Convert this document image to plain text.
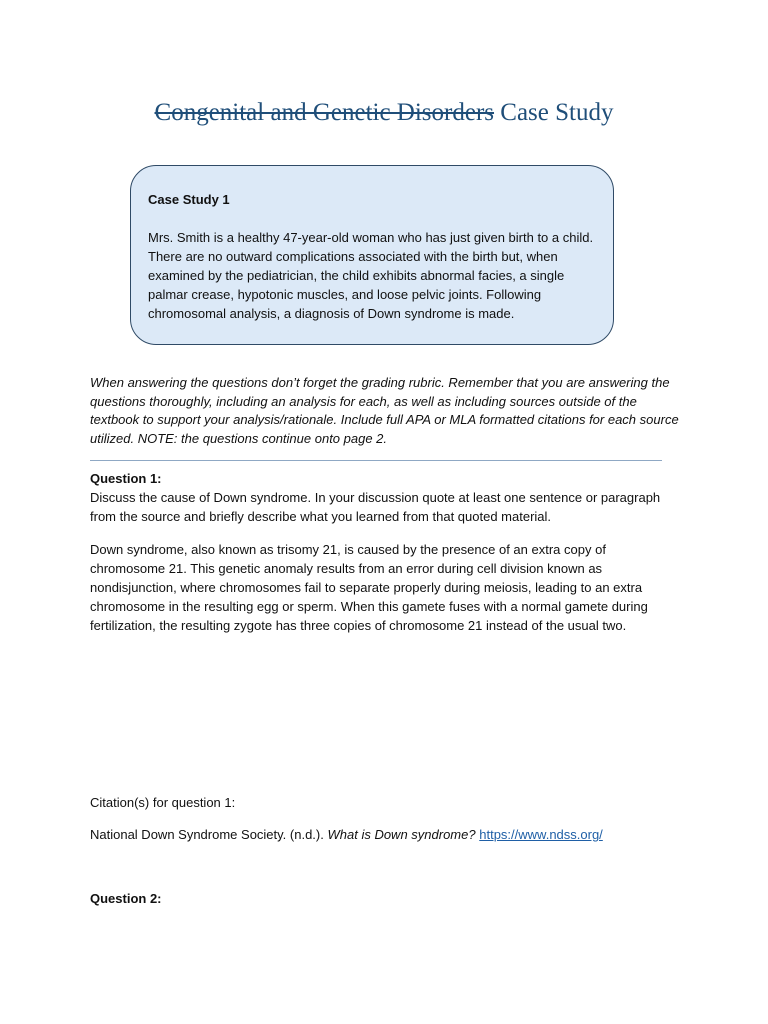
Congenital and Genetic Disorders Case Study
Case Study 1
Mrs. Smith is a healthy 47-year-old woman who has just given birth to a child. There are no outward complications associated with the birth but, when examined by the pediatrician, the child exhibits abnormal facies, a single palmar crease, hypotonic muscles, and loose pelvic joints. Following chromosomal analysis, a diagnosis of Down syndrome is made.
When answering the questions don’t forget the grading rubric. Remember that you are answering the questions thoroughly, including an analysis for each, as well as including sources outside of the textbook to support your analysis/rationale. Include full APA or MLA formatted citations for each source utilized. NOTE: the questions continue onto page 2.
Question 1:
Discuss the cause of Down syndrome. In your discussion quote at least one sentence or paragraph from the source and briefly describe what you learned from that quoted material.
Down syndrome, also known as trisomy 21, is caused by the presence of an extra copy of chromosome 21. This genetic anomaly results from an error during cell division known as nondisjunction, where chromosomes fail to separate properly during meiosis, leading to an extra chromosome in the resulting egg or sperm. When this gamete fuses with a normal gamete during fertilization, the resulting zygote has three copies of chromosome 21 instead of the usual two.
Citation(s) for question 1:
National Down Syndrome Society. (n.d.). What is Down syndrome? https://www.ndss.org/
Question 2:
